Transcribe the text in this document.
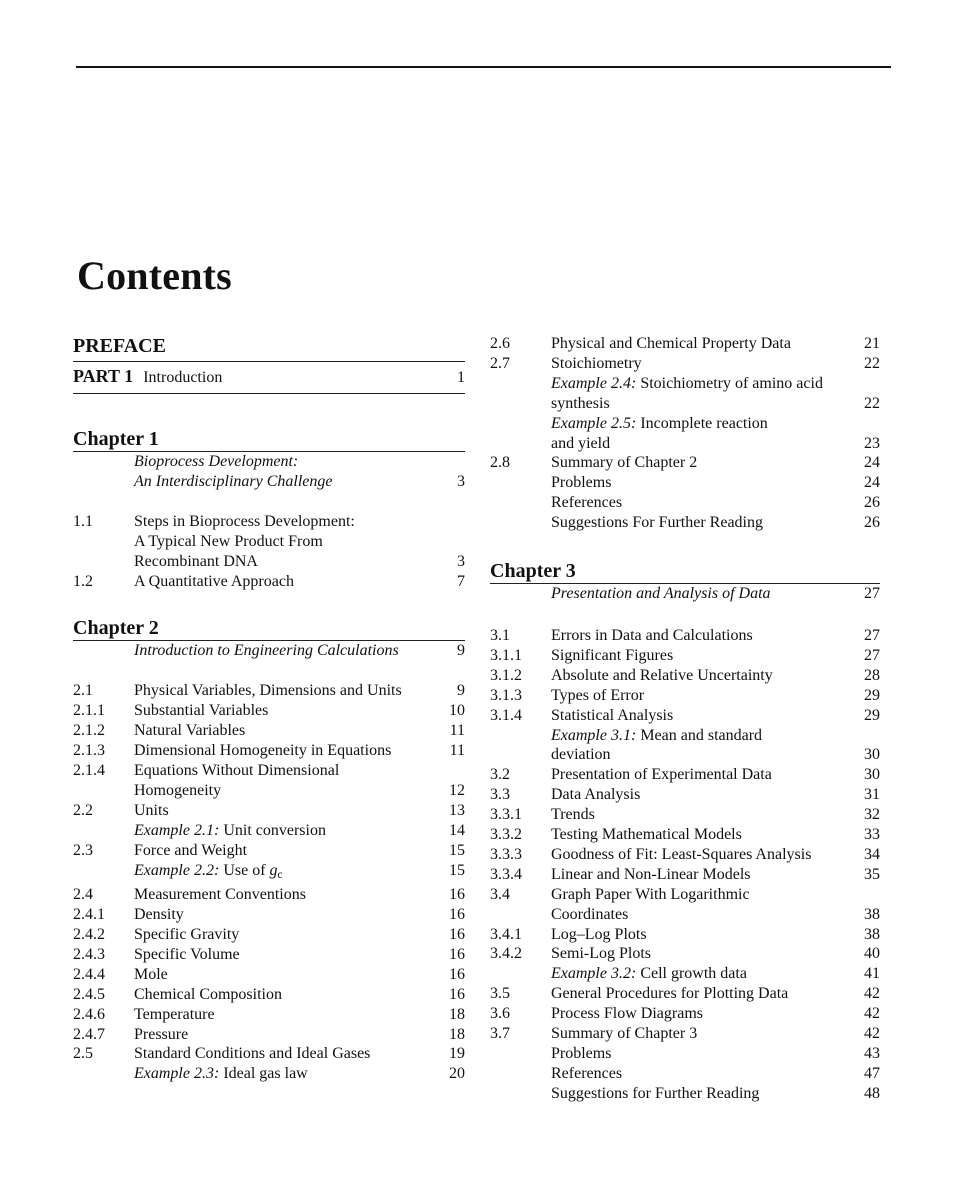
Contents
PREFACE
PART 1 Introduction	1
Chapter 1
Bioprocess Development:
An Interdisciplinary Challenge	3
1.1	Steps in Bioprocess Development:
A Typical New Product From
Recombinant DNA	3
1.2	A Quantitative Approach	7
Chapter 2
Introduction to Engineering Calculations	9
2.1	Physical Variables, Dimensions and Units	9
2.1.1	Substantial Variables	10
2.1.2	Natural Variables	11
2.1.3	Dimensional Homogeneity in Equations	11
2.1.4	Equations Without Dimensional
Homogeneity	12
2.2	Units	13
Example 2.1: Unit conversion	14
2.3	Force and Weight	15
Example 2.2: Use of $g_c$	15
2.4	Measurement Conventions	16
2.4.1	Density	16
2.4.2	Specific Gravity	16
2.4.3	Specific Volume	16
2.4.4	Mole	16
2.4.5	Chemical Composition	16
2.4.6	Temperature	18
2.4.7	Pressure	18
2.5	Standard Conditions and Ideal Gases	19
Example 2.3: Ideal gas law	20
2.6	Physical and Chemical Property Data	21
2.7	Stoichiometry	22
Example 2.4: Stoichiometry of amino acid
synthesis	22
Example 2.5: Incomplete reaction
and yield	23
2.8	Summary of Chapter 2	24
Problems	24
References	26
Suggestions For Further Reading	26
Chapter 3
Presentation and Analysis of Data	27
3.1	Errors in Data and Calculations	27
3.1.1	Significant Figures	27
3.1.2	Absolute and Relative Uncertainty	28
3.1.3	Types of Error	29
3.1.4	Statistical Analysis	29
Example 3.1: Mean and standard
deviation	30
3.2	Presentation of Experimental Data	30
3.3	Data Analysis	31
3.3.1	Trends	32
3.3.2	Testing Mathematical Models	33
3.3.3	Goodness of Fit: Least-Squares Analysis	34
3.3.4	Linear and Non-Linear Models	35
3.4	Graph Paper With Logarithmic
Coordinates	38
3.4.1	Log–Log Plots	38
3.4.2	Semi-Log Plots	40
Example 3.2: Cell growth data	41
3.5	General Procedures for Plotting Data	42
3.6	Process Flow Diagrams	42
3.7	Summary of Chapter 3	42
Problems	43
References	47
Suggestions for Further Reading	48
